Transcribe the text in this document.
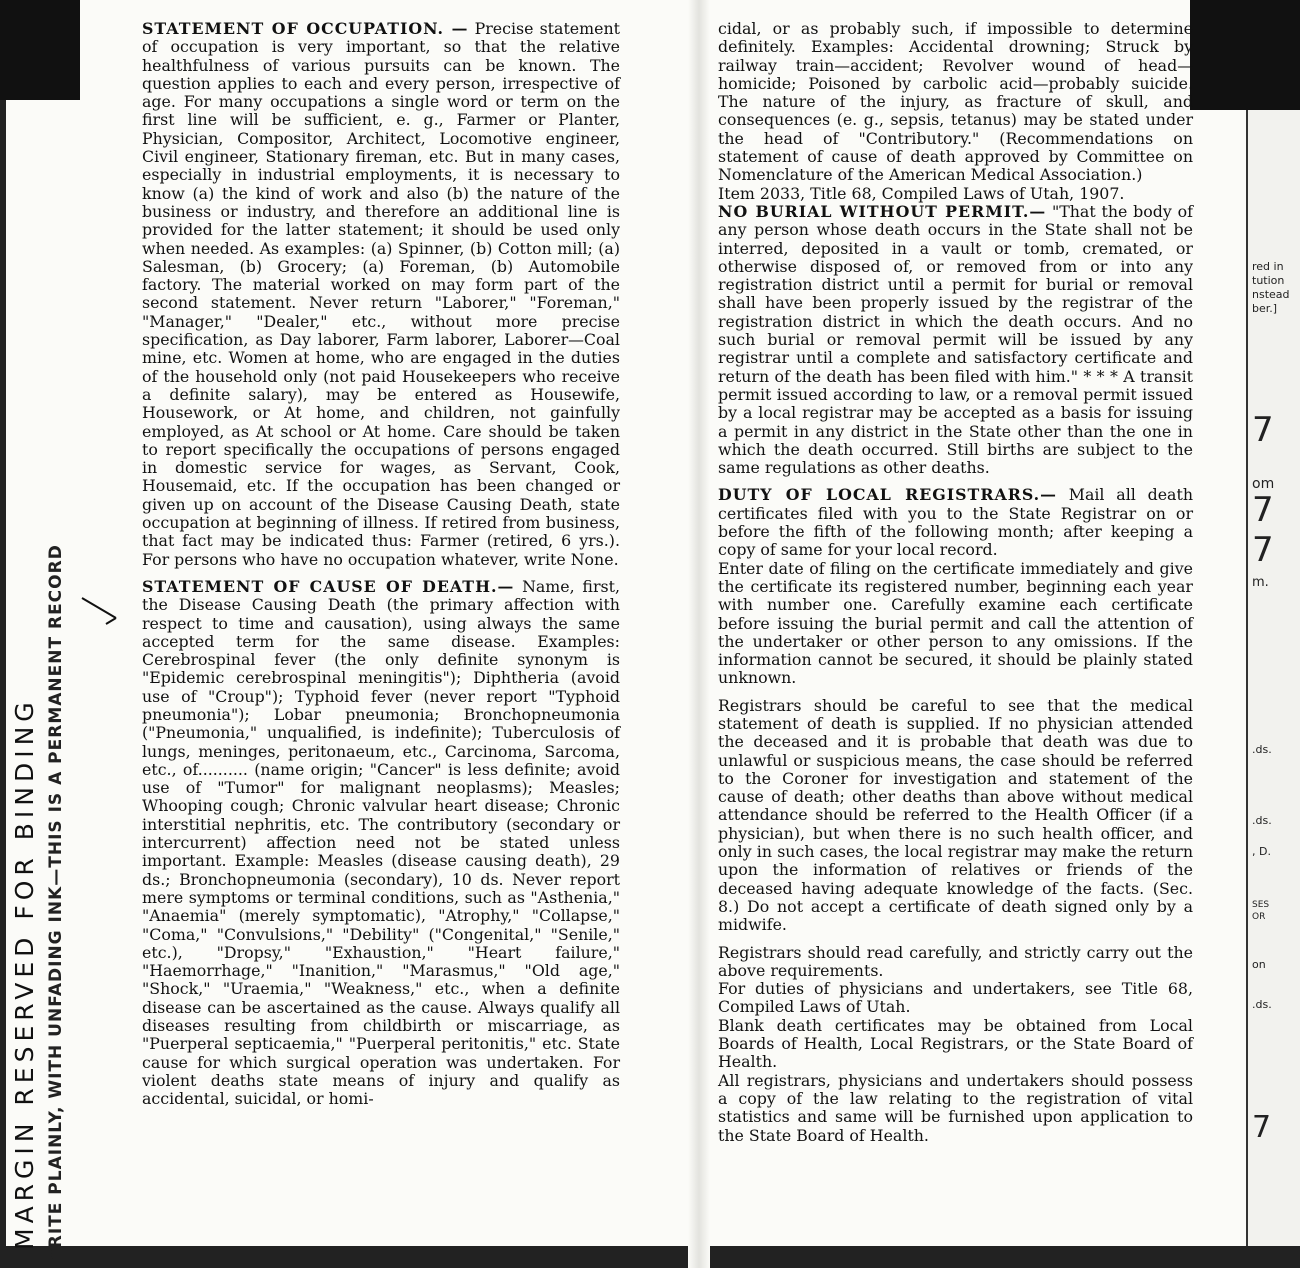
MARGIN RESERVED FOR BINDING WRITE PLAINLY, WITH UNFADING INK—THIS IS A PERMANENT RECORD

STATEMENT OF OCCUPATION. — Precise statement of occupation is very important, so that the relative healthfulness of various pursuits can be known. The question applies to each and every person, irrespective of age. For many occupations a single word or term on the first line will be sufficient, e. g., Farmer or Planter, Physician, Compositor, Architect, Locomotive engineer, Civil engineer, Stationary fireman, etc. But in many cases, especially in industrial employments, it is necessary to know (a) the kind of work and also (b) the nature of the business or industry, and therefore an additional line is provided for the latter statement; it should be used only when needed. As examples: (a) Spinner, (b) Cotton mill; (a) Salesman, (b) Grocery; (a) Foreman, (b) Automobile factory. The material worked on may form part of the second statement. Never return "Laborer," "Foreman," "Manager," "Dealer," etc., without more precise specification, as Day laborer, Farm laborer, Laborer—Coal mine, etc. Women at home, who are engaged in the duties of the household only (not paid Housekeepers who receive a definite salary), may be entered as Housewife, Housework, or At home, and children, not gainfully employed, as At school or At home. Care should be taken to report specifically the occupations of persons engaged in domestic service for wages, as Servant, Cook, Housemaid, etc. If the occupation has been changed or given up on account of the Disease Causing Death, state occupation at beginning of illness. If retired from business, that fact may be indicated thus: Farmer (retired, 6 yrs.). For persons who have no occupation whatever, write None.

STATEMENT OF CAUSE OF DEATH.— Name, first, the Disease Causing Death (the primary affection with respect to time and causation), using always the same accepted term for the same disease. Examples: Cerebrospinal fever (the only definite synonym is "Epidemic cerebrospinal meningitis"); Diphtheria (avoid use of "Croup"); Typhoid fever (never report "Typhoid pneumonia"); Lobar pneumonia; Bronchopneumonia ("Pneumonia," unqualified, is indefinite); Tuberculosis of lungs, meninges, peritonaeum, etc., Carcinoma, Sarcoma, etc., of.......... (name origin; "Cancer" is less definite; avoid use of "Tumor" for malignant neoplasms); Measles; Whooping cough; Chronic valvular heart disease; Chronic interstitial nephritis, etc. The contributory (secondary or intercurrent) affection need not be stated unless important. Example: Measles (disease causing death), 29 ds.; Bronchopneumonia (secondary), 10 ds. Never report mere symptoms or terminal conditions, such as "Asthenia," "Anaemia" (merely symptomatic), "Atrophy," "Collapse," "Coma," "Convulsions," "Debility" ("Congenital," "Senile," etc.), "Dropsy," "Exhaustion," "Heart failure," "Haemorrhage," "Inanition," "Marasmus," "Old age," "Shock," "Uraemia," "Weakness," etc., when a definite disease can be ascertained as the cause. Always qualify all diseases resulting from childbirth or miscarriage, as "Puerperal septicaemia," "Puerperal peritonitis," etc. State cause for which surgical operation was undertaken. For violent deaths state means of injury and qualify as accidental, suicidal, or homi-

cidal, or as probably such, if impossible to determine definitely. Examples: Accidental drowning; Struck by railway train—accident; Revolver wound of head—homicide; Poisoned by carbolic acid—probably suicide. The nature of the injury, as fracture of skull, and consequences (e. g., sepsis, tetanus) may be stated under the head of "Contributory." (Recommendations on statement of cause of death approved by Committee on Nomenclature of the American Medical Association.)

Item 2033, Title 68, Compiled Laws of Utah, 1907.

NO BURIAL WITHOUT PERMIT.— "That the body of any person whose death occurs in the State shall not be interred, deposited in a vault or tomb, cremated, or otherwise disposed of, or removed from or into any registration district until a permit for burial or removal shall have been properly issued by the registrar of the registration district in which the death occurs. And no such burial or removal permit will be issued by any registrar until a complete and satisfactory certificate and return of the death has been filed with him." * * * A transit permit issued according to law, or a removal permit issued by a local registrar may be accepted as a basis for issuing a permit in any district in the State other than the one in which the death occurred. Still births are subject to the same regulations as other deaths.

DUTY OF LOCAL REGISTRARS.— Mail all death certificates filed with you to the State Registrar on or before the fifth of the following month; after keeping a copy of same for your local record.

Enter date of filing on the certificate immediately and give the certificate its registered number, beginning each year with number one. Carefully examine each certificate before issuing the burial permit and call the attention of the undertaker or other person to any omissions. If the information cannot be secured, it should be plainly stated unknown.

Registrars should be careful to see that the medical statement of death is supplied. If no physician attended the deceased and it is probable that death was due to unlawful or suspicious means, the case should be referred to the Coroner for investigation and statement of the cause of death; other deaths than above without medical attendance should be referred to the Health Officer (if a physician), but when there is no such health officer, and only in such cases, the local registrar may make the return upon the information of relatives or friends of the deceased having adequate knowledge of the facts. (Sec. 8.) Do not accept a certificate of death signed only by a midwife.

Registrars should read carefully, and strictly carry out the above requirements.

For duties of physicians and undertakers, see Title 68, Compiled Laws of Utah.

Blank death certificates may be obtained from Local Boards of Health, Local Registrars, or the State Board of Health.

All registrars, physicians and undertakers should possess a copy of the law relating to the registration of vital statistics and same will be furnished upon application to the State Board of Health.

red in
tution
nstead
ber.]
7
om
7
7
m.
.ds.
.ds.
, D.
SES
OR
on
.ds.
7
